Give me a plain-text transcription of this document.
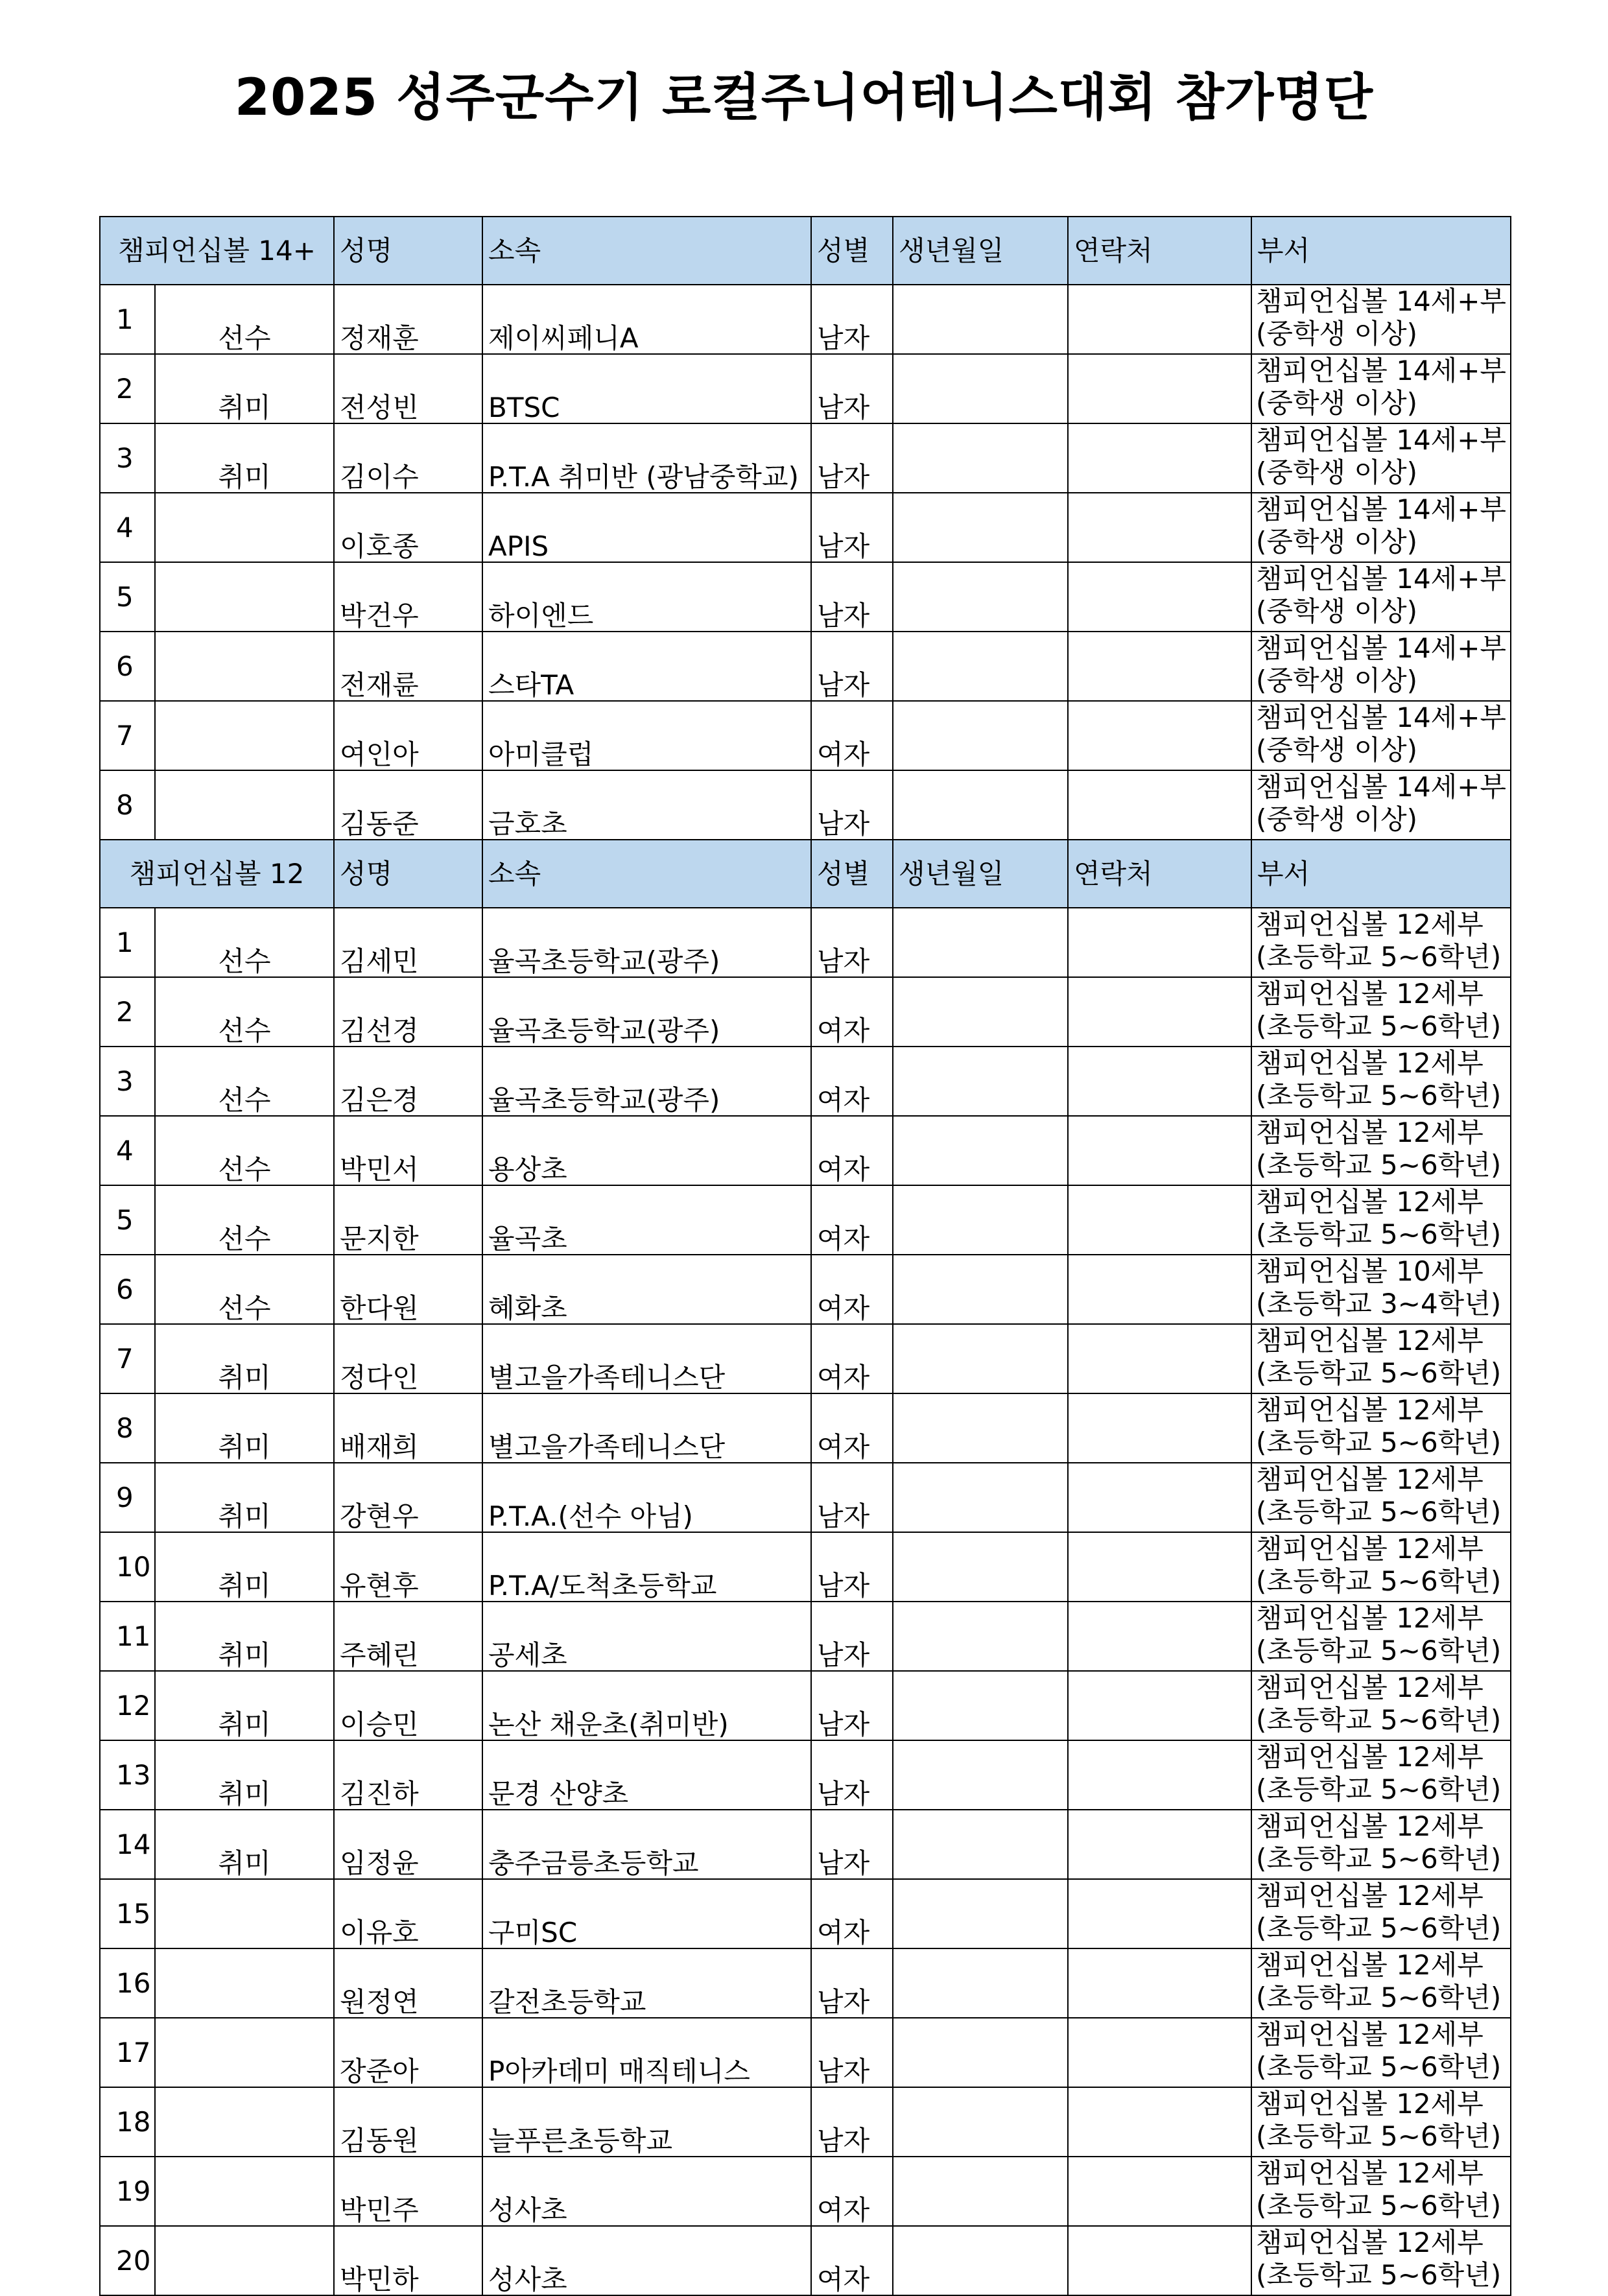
2025 성주군수기 로컬주니어테니스대회 참가명단
챔피언십볼 14+		성명	소속	성별	생년월일	연락처	부서
1	선수	정재훈	제이씨페니A	남자			챔피언십볼 14세+부
(중학생 이상)

2	취미	전성빈	BTSC	남자			챔피언십볼 14세+부
(중학생 이상)

3	취미	김이수	P.T.A 취미반 (광남중학교)	남자			챔피언십볼 14세+부
(중학생 이상)

4		이호종	APIS	남자			챔피언십볼 14세+부
(중학생 이상)

5		박건우	하이엔드	남자			챔피언십볼 14세+부
(중학생 이상)

6		전재륜	스타TA	남자			챔피언십볼 14세+부
(중학생 이상)

7		여인아	아미클럽	여자			챔피언십볼 14세+부
(중학생 이상)

8		김동준	금호초	남자			챔피언십볼 14세+부
(중학생 이상)

챔피언십볼 12		성명	소속	성별	생년월일	연락처	부서
1	선수	김세민	율곡초등학교(광주)	남자			챔피언십볼 12세부
(초등학교 5~6학년)

2	선수	김선경	율곡초등학교(광주)	여자			챔피언십볼 12세부
(초등학교 5~6학년)

3	선수	김은경	율곡초등학교(광주)	여자			챔피언십볼 12세부
(초등학교 5~6학년)

4	선수	박민서	용상초	여자			챔피언십볼 12세부
(초등학교 5~6학년)

5	선수	문지한	율곡초	여자			챔피언십볼 12세부
(초등학교 5~6학년)

6	선수	한다원	혜화초	여자			챔피언십볼 10세부
(초등학교 3~4학년)

7	취미	정다인	별고을가족테니스단	여자			챔피언십볼 12세부
(초등학교 5~6학년)

8	취미	배재희	별고을가족테니스단	여자			챔피언십볼 12세부
(초등학교 5~6학년)

9	취미	강현우	P.T.A.(선수 아님)	남자			챔피언십볼 12세부
(초등학교 5~6학년)

10	취미	유현후	P.T.A/도척초등학교	남자			챔피언십볼 12세부
(초등학교 5~6학년)

11	취미	주혜린	공세초	남자			챔피언십볼 12세부
(초등학교 5~6학년)

12	취미	이승민	논산 채운초(취미반)	남자			챔피언십볼 12세부
(초등학교 5~6학년)

13	취미	김진하	문경 산양초	남자			챔피언십볼 12세부
(초등학교 5~6학년)

14	취미	임정윤	충주금릉초등학교	남자			챔피언십볼 12세부
(초등학교 5~6학년)

15		이유호	구미SC	여자			챔피언십볼 12세부
(초등학교 5~6학년)

16		원정연	갈전초등학교	남자			챔피언십볼 12세부
(초등학교 5~6학년)

17		장준아	P아카데미 매직테니스	남자			챔피언십볼 12세부
(초등학교 5~6학년)

18		김동원	늘푸른초등학교	남자			챔피언십볼 12세부
(초등학교 5~6학년)

19		박민주	성사초	여자			챔피언십볼 12세부
(초등학교 5~6학년)

20		박민하	성사초	여자			챔피언십볼 12세부
(초등학교 5~6학년)
